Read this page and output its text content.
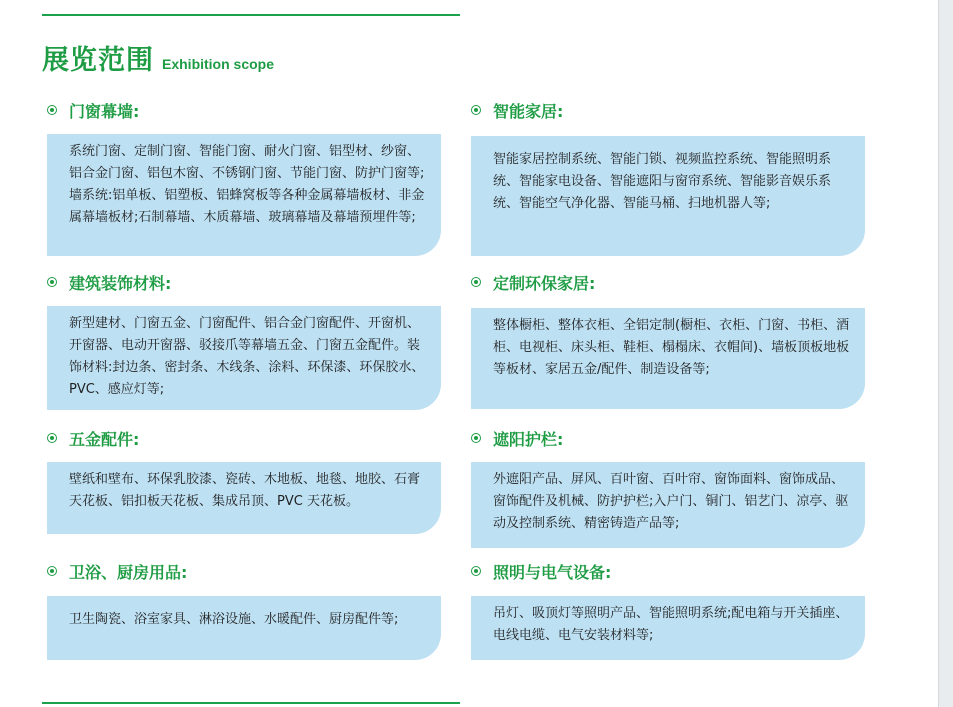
展览范围 Exhibition scope
门窗幕墙:
系统门窗、定制门窗、智能门窗、耐火门窗、铝型材、纱窗、铝合金门窗、铝包木窗、不锈钢门窗、节能门窗、防护门窗等;墙系统:铝单板、铝塑板、铝蜂窝板等各种金属幕墙板材、非金属幕墙板材;石制幕墙、木质幕墙、玻璃幕墙及幕墙预埋件等;
建筑装饰材料:
新型建材、门窗五金、门窗配件、铝合金门窗配件、开窗机、开窗器、电动开窗器、驳接爪等幕墙五金、门窗五金配件。装饰材料:封边条、密封条、木线条、涂料、环保漆、环保胶水、PVC、感应灯等;
五金配件:
壁纸和壁布、环保乳胶漆、瓷砖、木地板、地毯、地胶、石膏天花板、铝扣板天花板、集成吊顶、PVC 天花板。
卫浴、厨房用品:
卫生陶瓷、浴室家具、淋浴设施、水暖配件、厨房配件等;
智能家居:
智能家居控制系统、智能门锁、视频监控系统、智能照明系统、智能家电设备、智能遮阳与窗帘系统、智能影音娱乐系统、智能空气净化器、智能马桶、扫地机器人等;
定制环保家居:
整体橱柜、整体衣柜、全铝定制(橱柜、衣柜、门窗、书柜、酒柜、电视柜、床头柜、鞋柜、榻榻床、衣帽间)、墙板顶板地板等板材、家居五金/配件、制造设备等;
遮阳护栏:
外遮阳产品、屏风、百叶窗、百叶帘、窗饰面料、窗饰成品、窗饰配件及机械、防护护栏;入户门、铜门、铝艺门、凉亭、驱动及控制系统、精密铸造产品等;
照明与电气设备:
吊灯、吸顶灯等照明产品、智能照明系统;配电箱与开关插座、电线电缆、电气安装材料等;
